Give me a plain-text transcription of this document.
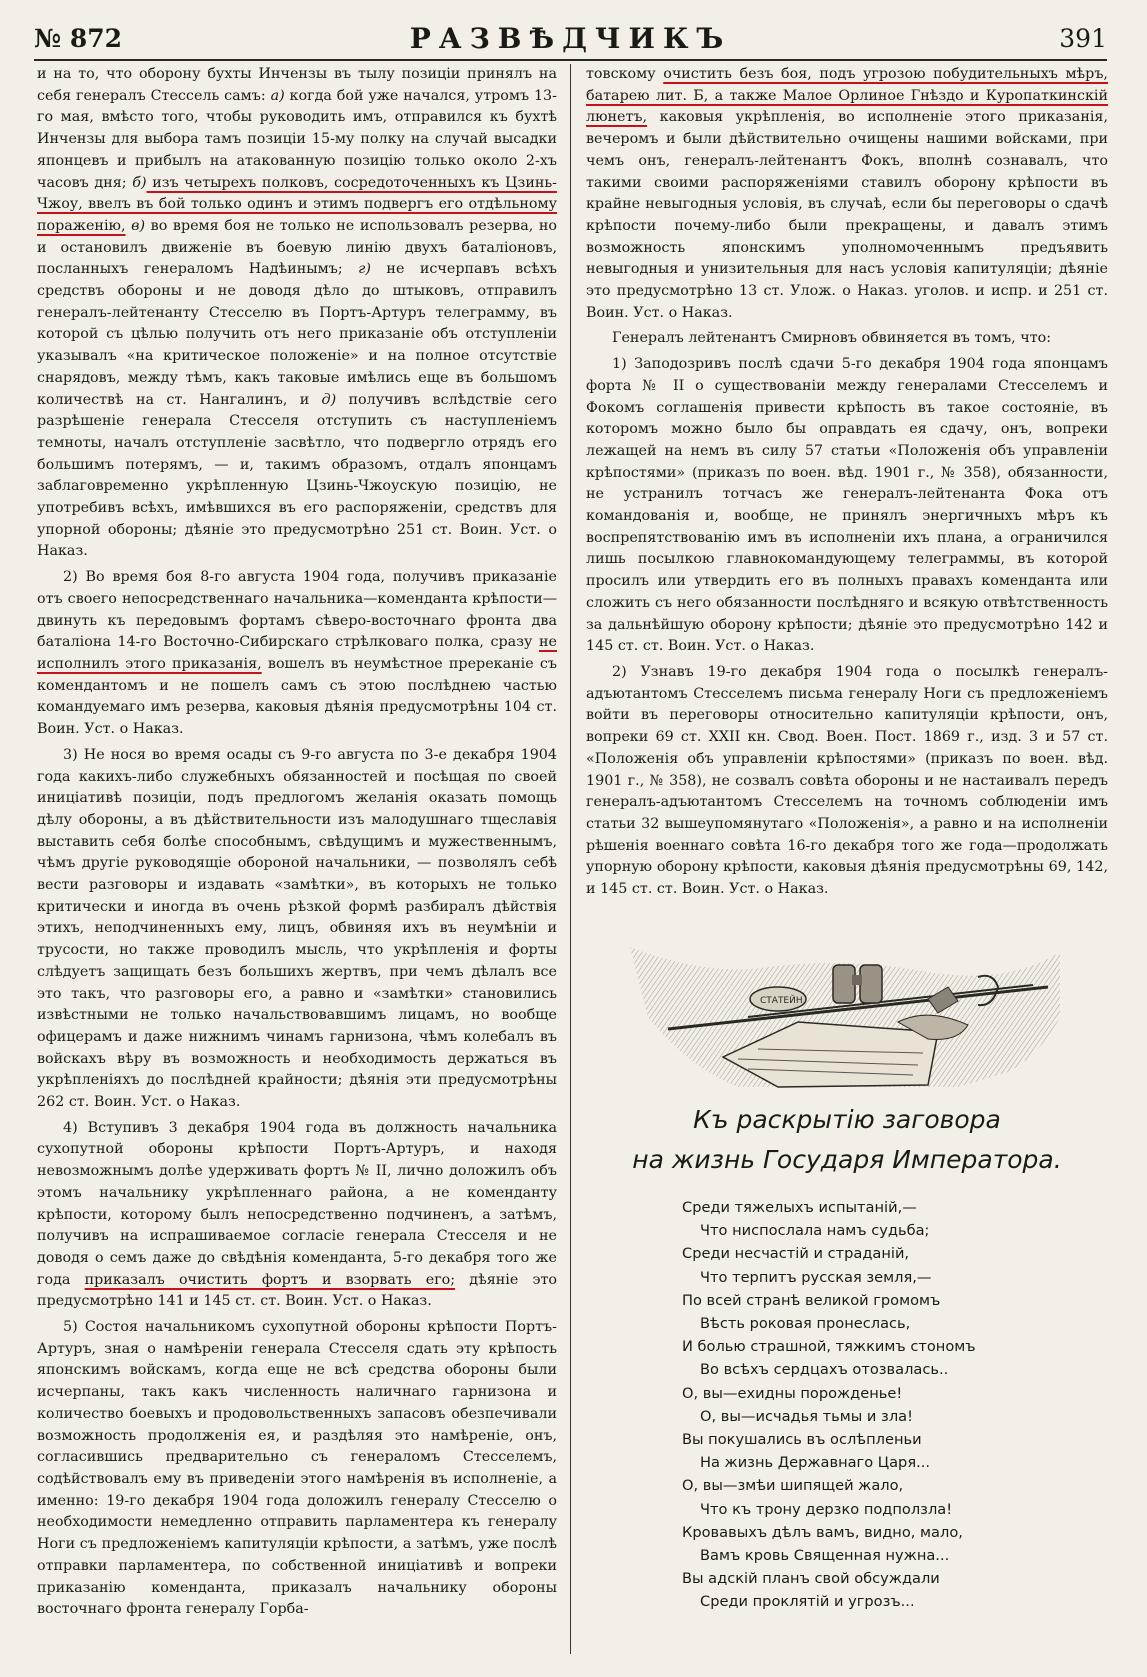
№ 872	РАЗВѢДЧИКЪ	391

и на то, что оборону бухты Инчензы въ тылу позиціи принялъ на себя генералъ Стессель самъ: а) когда бой уже начался, утромъ 13-го мая, вмѣсто того, чтобы руководить имъ, отправился къ бухтѣ Инчензы для выбора тамъ позиціи 15-му полку на случай высадки японцевъ и прибылъ на атакованную позицію только около 2-хъ часовъ дня; б) изъ четырехъ полковъ, сосредоточенныхъ къ Цзинь-Чжоу, ввелъ въ бой только одинъ и этимъ подвергъ его отдѣльному пораженію, в) во время боя не только не использовалъ резерва, но и остановилъ движеніе въ боевую линію двухъ баталіоновъ, посланныхъ генераломъ Надѣинымъ; г) не исчерпавъ всѣхъ средствъ обороны и не доводя дѣло до штыковъ, отправилъ генералъ-лейтенанту Стесселю въ Портъ-Артуръ телеграмму, въ которой съ цѣлью получить отъ него приказаніе объ отступленіи указывалъ «на критическое положеніе» и на полное отсутствіе снарядовъ, между тѣмъ, какъ таковые имѣлись еще въ большомъ количествѣ на ст. Нангалинъ, и д) получивъ вслѣдствіе сего разрѣшеніе генерала Стесселя отступить съ наступленіемъ темноты, началъ отступленіе засвѣтло, что подвергло отрядъ его большимъ потерямъ, — и, такимъ образомъ, отдалъ японцамъ заблаговременно укрѣпленную Цзинь-Чжоускую позицію, не употребивъ всѣхъ, имѣвшихся въ его распоряженіи, средствъ для упорной обороны; дѣяніе это предусмотрѣно 251 ст. Воин. Уст. о Наказ.

2) Во время боя 8-го августа 1904 года, получивъ приказаніе отъ своего непосредственнаго начальника—коменданта крѣпости—двинуть къ передовымъ фортамъ сѣверо-восточнаго фронта два баталіона 14-го Восточно-Сибирскаго стрѣлковаго полка, сразу не исполнилъ этого приказанія, вошелъ въ неумѣстное пререканіе съ комендантомъ и не пошелъ самъ съ этою послѣднею частью командуемаго имъ резерва, каковыя дѣянія предусмотрѣны 104 ст. Воин. Уст. о Наказ.

3) Не нося во время осады съ 9-го августа по 3-е декабря 1904 года какихъ-либо служебныхъ обязанностей и посѣщая по своей иниціативѣ позиціи, подъ предлогомъ желанія оказать помощь дѣлу обороны, а въ дѣйствительности изъ малодушнаго тщеславія выставить себя болѣе способнымъ, свѣдущимъ и мужественнымъ, чѣмъ другіе руководящіе обороной начальники, — позволялъ себѣ вести разговоры и издавать «замѣтки», въ которыхъ не только критически и иногда въ очень рѣзкой формѣ разбиралъ дѣйствія этихъ, неподчиненныхъ ему, лицъ, обвиняя ихъ въ неумѣніи и трусости, но также проводилъ мысль, что укрѣпленія и форты слѣдуетъ защищать безъ большихъ жертвъ, при чемъ дѣлалъ все это такъ, что разговоры его, а равно и «замѣтки» становились извѣстными не только начальствовавшимъ лицамъ, но вообще офицерамъ и даже нижнимъ чинамъ гарнизона, чѣмъ колебалъ въ войскахъ вѣру въ возможность и необходимость держаться въ укрѣпленіяхъ до послѣдней крайности; дѣянія эти предусмотрѣны 262 ст. Воин. Уст. о Наказ.

4) Вступивъ 3 декабря 1904 года въ должность начальника сухопутной обороны крѣпости Портъ-Артуръ, и находя невозможнымъ долѣе удерживать фортъ № II, лично доложилъ объ этомъ начальнику укрѣпленнаго района, а не коменданту крѣпости, которому былъ непосредственно подчиненъ, а затѣмъ, получивъ на испрашиваемое согласіе генерала Стесселя и не доводя о семъ даже до свѣдѣнія коменданта, 5-го декабря того же года приказалъ очистить фортъ и взорвать его; дѣяніе это предусмотрѣно 141 и 145 ст. ст. Воин. Уст. о Наказ.

5) Состоя начальникомъ сухопутной обороны крѣпости Портъ-Артуръ, зная о намѣреніи генерала Стесселя сдать эту крѣпость японскимъ войскамъ, когда еще не всѣ средства обороны были исчерпаны, такъ какъ численность наличнаго гарнизона и количество боевыхъ и продовольственныхъ запасовъ обезпечивали возможность продолженія ея, и раздѣляя это намѣреніе, онъ, согласившись предварительно съ генераломъ Стесселемъ, содѣйствовалъ ему въ приведеніи этого намѣренія въ исполненіе, а именно: 19-го декабря 1904 года доложилъ генералу Стесселю о необходимости немедленно отправить парламентера къ генералу Ноги съ предложеніемъ капитуляціи крѣпости, а затѣмъ, уже послѣ отправки парламентера, по собственной иниціативѣ и вопреки приказанію коменданта, приказалъ начальнику обороны восточнаго фронта генералу Горба-

товскому очистить безъ боя, подъ угрозою побудительныхъ мѣръ, батарею лит. Б, а также Малое Орлиное Гнѣздо и Куропаткинскій люнетъ, каковыя укрѣпленія, во исполненіе этого приказанія, вечеромъ и были дѣйствительно очищены нашими войсками, при чемъ онъ, генералъ-лейтенантъ Фокъ, вполнѣ сознавалъ, что такими своими распоряженіями ставилъ оборону крѣпости въ крайне невыгодныя условія, въ случаѣ, если бы переговоры о сдачѣ крѣпости почему-либо были прекращены, и давалъ этимъ возможность японскимъ уполномоченнымъ предъявить невыгодныя и унизительныя для насъ условія капитуляціи; дѣяніе это предусмотрѣно 13 ст. Улож. о Наказ. уголов. и испр. и 251 ст. Воин. Уст. о Наказ.

Генералъ лейтенантъ Смирновъ обвиняется въ томъ, что:

1) Заподозривъ послѣ сдачи 5-го декабря 1904 года японцамъ форта № II о существованіи между генералами Стесселемъ и Фокомъ соглашенія привести крѣпость въ такое состояніе, въ которомъ можно было бы оправдать ея сдачу, онъ, вопреки лежащей на немъ въ силу 57 статьи «Положенія объ управленіи крѣпостями» (приказъ по воен. вѣд. 1901 г., № 358), обязанности, не устранилъ тотчасъ же генералъ-лейтенанта Фока отъ командованія и, вообще, не принялъ энергичныхъ мѣръ къ воспрепятствованію имъ въ исполненіи ихъ плана, а ограничился лишь посылкою главнокомандующему телеграммы, въ которой просилъ или утвердить его въ полныхъ правахъ коменданта или сложить съ него обязанности послѣдняго и всякую отвѣтственность за дальнѣйшую оборону крѣпости; дѣяніе это предусмотрѣно 142 и 145 ст. ст. Воин. Уст. о Наказ.

2) Узнавъ 19-го декабря 1904 года о посылкѣ генералъ-адъютантомъ Стесселемъ письма генералу Ноги съ предложеніемъ войти въ переговоры относительно капитуляціи крѣпости, онъ, вопреки 69 ст. XXII кн. Свод. Воен. Пост. 1869 г., изд. 3 и 57 ст. «Положенія объ управленіи крѣпостями» (приказъ по воен. вѣд. 1901 г., № 358), не созвалъ совѣта обороны и не настаивалъ передъ генералъ-адъютантомъ Стесселемъ на точномъ соблюденіи имъ статьи 32 вышеупомянутаго «Положенія», а равно и на исполненіи рѣшенія военнаго совѣта 16-го декабря того же года—продолжать упорную оборону крѣпости, каковыя дѣянія предусмотрѣны 69, 142, и 145 ст. ст. Воин. Уст. о Наказ.

СТАТЕЙН
Къ раскрытію заговора
на жизнь Государя Императора.
Среди тяжелыхъ испытаній,—
Что ниспослала намъ судьба;
Среди несчастій и страданій,
Что терпитъ русская земля,—
По всей странѣ великой громомъ
Вѣсть роковая пронеслась,
И болью страшной, тяжкимъ стономъ
Во всѣхъ сердцахъ отозвалась..
О, вы—ехидны порожденье!
О, вы—исчадья тьмы и зла!
Вы покушались въ ослѣпленьи
На жизнь Державнаго Царя...
О, вы—змѣи шипящей жало,
Что къ трону дерзко подползла!
Кровавыхъ дѣлъ вамъ, видно, мало,
Вамъ кровь Священная нужна...
Вы адскій планъ свой обсуждали
Среди проклятій и угрозъ...
